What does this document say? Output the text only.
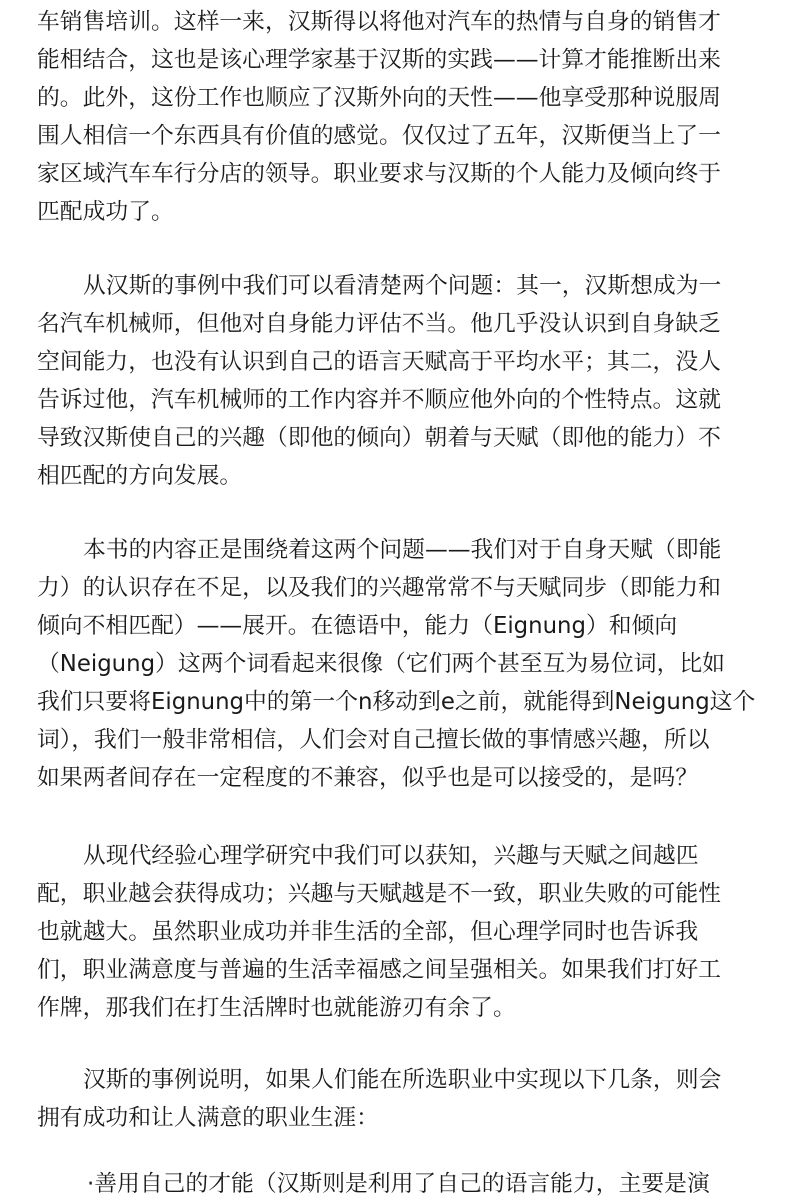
车销售培训。这样一来，汉斯得以将他对汽车的热情与自身的销售才
能相结合，这也是该心理学家基于汉斯的实践——计算才能推断出来
的。此外，这份工作也顺应了汉斯外向的天性——他享受那种说服周
围人相信一个东西具有价值的感觉。仅仅过了五年，汉斯便当上了一
家区域汽车车行分店的领导。职业要求与汉斯的个人能力及倾向终于
匹配成功了。
从汉斯的事例中我们可以看清楚两个问题：其一，汉斯想成为一
名汽车机械师，但他对自身能力评估不当。他几乎没认识到自身缺乏
空间能力，也没有认识到自己的语言天赋高于平均水平；其二，没人
告诉过他，汽车机械师的工作内容并不顺应他外向的个性特点。这就
导致汉斯使自己的兴趣（即他的倾向）朝着与天赋（即他的能力）不
相匹配的方向发展。
本书的内容正是围绕着这两个问题——我们对于自身天赋（即能
力）的认识存在不足，以及我们的兴趣常常不与天赋同步（即能力和
倾向不相匹配）——展开。在德语中，能力（Eignung）和倾向
（Neigung）这两个词看起来很像（它们两个甚至互为易位词，比如
我们只要将Eignung中的第一个n移动到e之前，就能得到Neigung这个
词），我们一般非常相信，人们会对自己擅长做的事情感兴趣，所以
如果两者间存在一定程度的不兼容，似乎也是可以接受的，是吗？
从现代经验心理学研究中我们可以获知，兴趣与天赋之间越匹
配，职业越会获得成功；兴趣与天赋越是不一致，职业失败的可能性
也就越大。虽然职业成功并非生活的全部，但心理学同时也告诉我
们，职业满意度与普遍的生活幸福感之间呈强相关。如果我们打好工
作牌，那我们在打生活牌时也就能游刃有余了。
汉斯的事例说明，如果人们能在所选职业中实现以下几条，则会
拥有成功和让人满意的职业生涯：
·善用自己的才能（汉斯则是利用了自己的语言能力，主要是演
